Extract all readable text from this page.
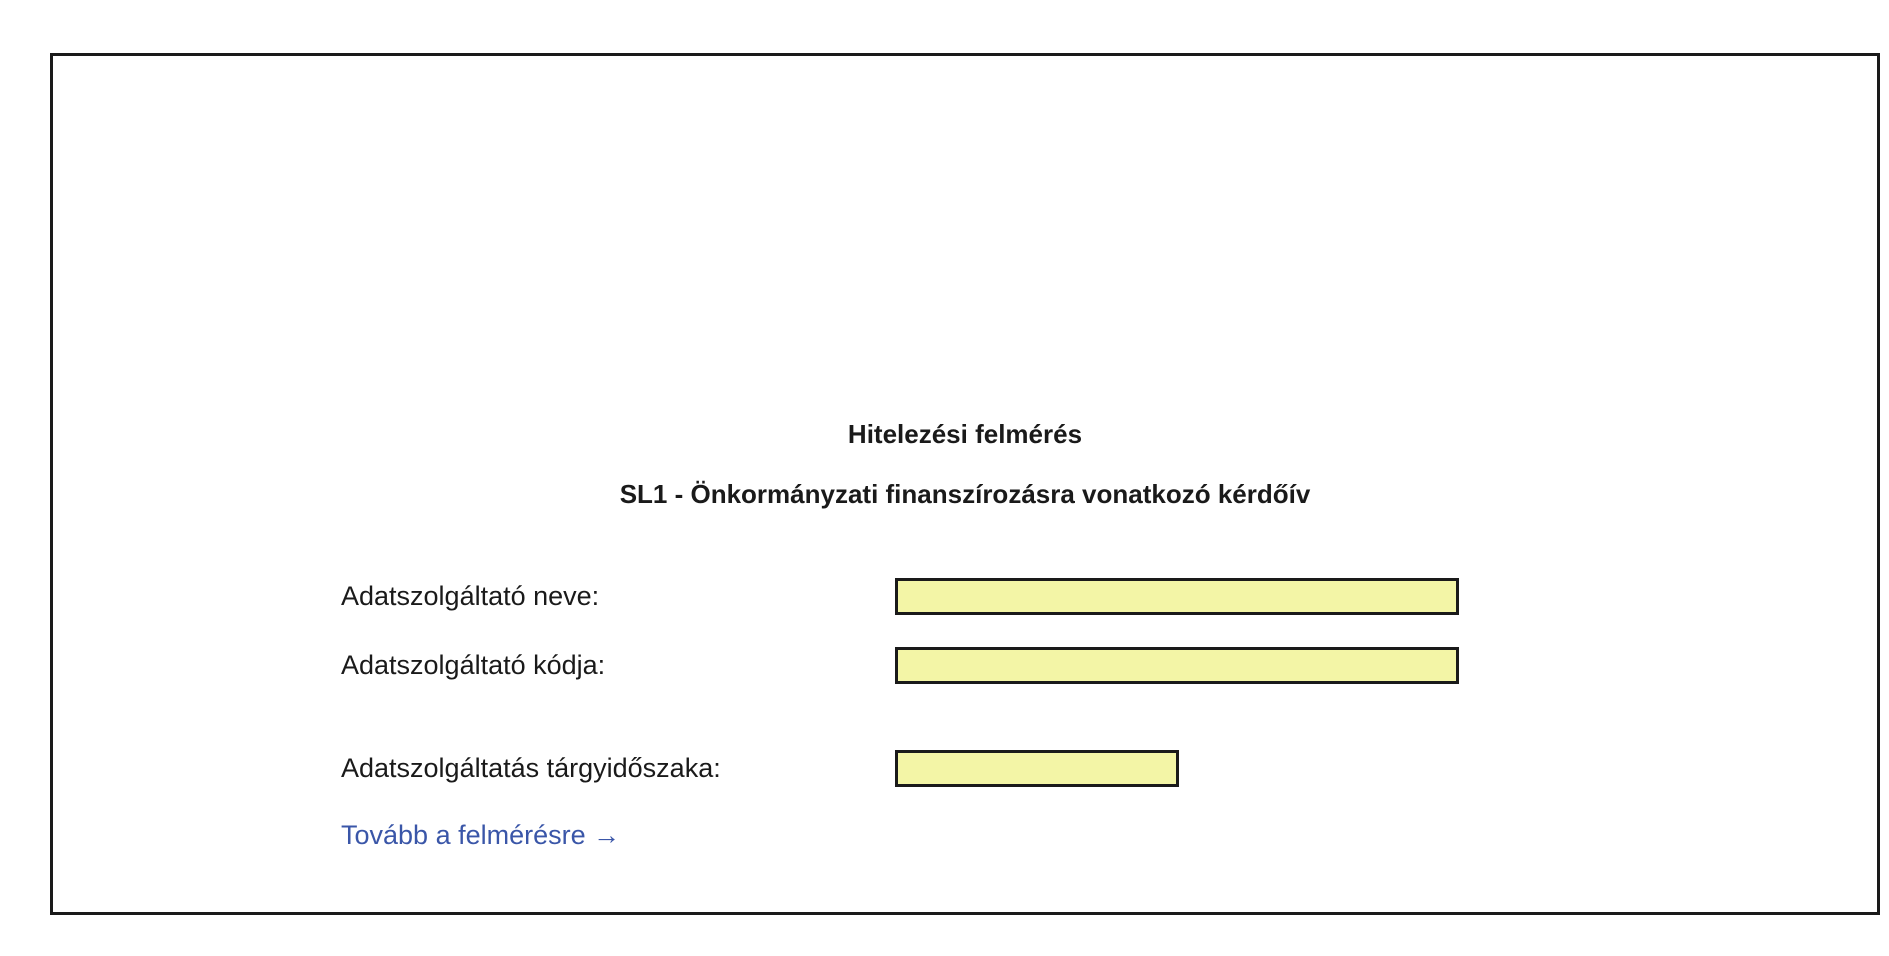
Hitelezési felmérés
SL1 - Önkormányzati finanszírozásra vonatkozó kérdőív
Adatszolgáltató neve:
Adatszolgáltató kódja:
Adatszolgáltatás tárgyidőszaka:
Tovább a felmérésre →
